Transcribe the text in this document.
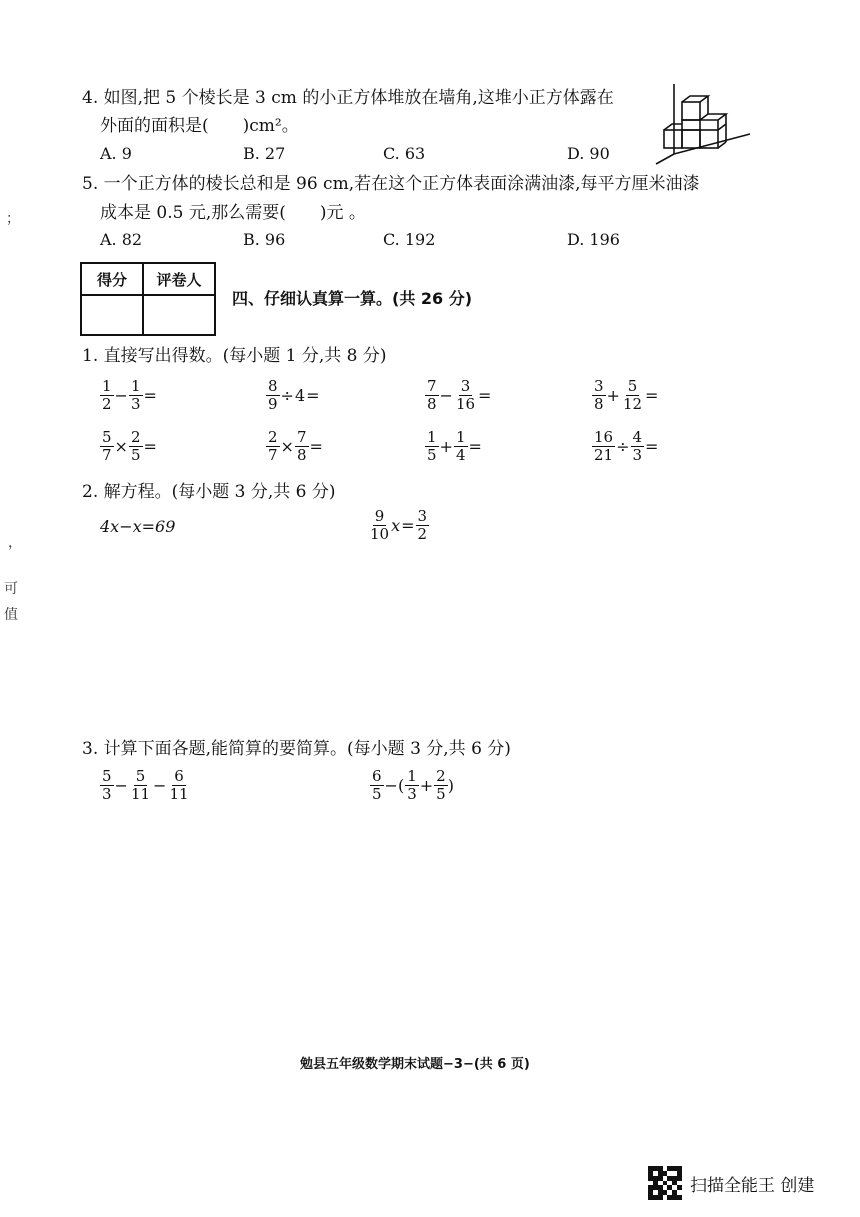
4. 如图,把 5 个棱长是 3 cm 的小正方体堆放在墙角,这堆小正方体露在
外面的面积是(　　)cm²。
A. 9	B. 27	C. 63	D. 90
5. 一个正方体的棱长总和是 96 cm,若在这个正方体表面涂满油漆,每平方厘米油漆
成本是 0.5 元,那么需要(　　)元 。
A. 82	B. 96	C. 192	D. 196
得分	评卷人

四、仔细认真算一算。(共 26 分)
1. 直接写出得数。(每小题 1 分,共 8 分)
$\frac{1}{2} - \frac{1}{3}$ =	$\frac{8}{9} \div 4$ =	$\frac{7}{8} - \frac{3}{16}$ =	$\frac{3}{8} + \frac{5}{12}$ =
$\frac{5}{7} \times \frac{2}{5}$ =	$\frac{2}{7} \times \frac{7}{8}$ =	$\frac{1}{5} + \frac{1}{4}$ =	$\frac{16}{21} \div \frac{4}{3}$ =
2. 解方程。(每小题 3 分,共 6 分)
4x−x=69	$\frac{9}{10}$ $x = \frac{3}{2}$
3. 计算下面各题,能简算的要简算。(每小题 3 分,共 6 分)
$\frac{5}{3} - \frac{5}{11} - \frac{6}{11}$	$\frac{6}{5}$ −( $\frac{1}{3} + \frac{2}{5}$ )
勉县五年级数学期末试题−3−(共 6 页)
；
，
可
值
扫描全能王 创建
